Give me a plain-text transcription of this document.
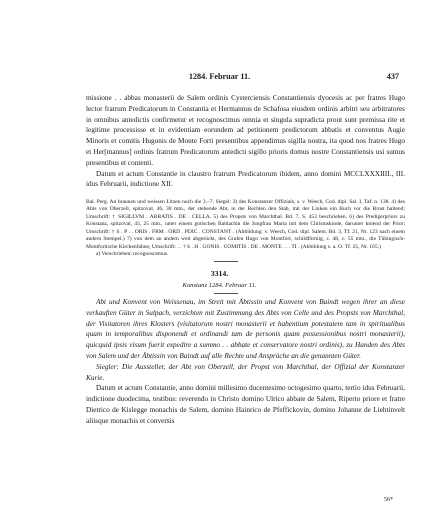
1284. Februar 11.	437

missione . . abbas monasterii de Salem ordinis Cysterciensis Constantiensis dyocesis ac per fratres Hugo lector fratrum Predicatorum in Constantia et Hermannus de Schafosa eiusdem ordinis arbitri seu arbitratores in omnibus antedictis confirmetur et recognoscimus omnia et singula supradicta prout sunt premissa rite et legitime processisse et in evidentiam eorundem ad petitionem predictorum abbatis et conventus Augie Minoris et comitis Hugonis de Monte Forti presentibus appendimus sigilla nostra, ita quod nos fratres Hugo et Her[mannus] ordinis fratrum Predicatorum antedicti sigillo prioris domus nostre Constantiensis usi sumus presentibus et contenti.

Datum et actum Constantie in claustro fratrum Predicatorum ibidem, anno domini MCCLXXXIIII., III. idus Februarii, indictione XII.

Bal. Perg. An braunen und weissen Litzen noch die 3.–7. Siegel: 3) des Konstanzer Offizials, s. v. Weech, Cod. dipl. Sal. I, Taf. n. 138. 4) des Abts von Oberzell, spitzoval, 46, 30 mm., der stehende Abt, in der Rechten den Stab, mit der Linken ein Buch vor die Brust haltend; Umschrift: † SIGILLVM . ABBATIS . DE . CELLA. 5) des Propsts von Marchthal. Bd. 7, S. 453 beschrieben. 6) des Predigerpriors zu Konstanz, spitzoval, 43, 25 mm., unter einem gotischen Baldachin die Jungfrau Maria mit dem Christuskinde, darunter kniend der Prior; Umschrift: † S . P . . ORIS . FRM . ORD . PDIC . CONSTANT . (Abbildung: v. Weech, Cod. dipl. Salem. Bd. 3, Tf. 21, Nr. 123 nach einem andern Stempel.) 7) von dem an andern weit abgerückt, des Grafen Hugo von Montfort, schildförmig, c. 48, c. 55 mm., die Tübingisch-Montfortische Kirchenfahne; Umschrift: . . † S . H . GONIS . COMITIS . DE . MONTE . . . TI . (Abbildung s. a. O. Tf. 25, Nr. 165.)

a) Verschrieben: recognoscemus.

3314.
Konstanz 1284. Februar 11.

Abt und Konvent von Weissenau, im Streit mit Äbtissin und Konvent von Baindt wegen ihrer an diese verkauften Güter in Sulpach, verzichten mit Zustimmung des Abts von Celle und des Propsts von Marchthal, der Visitatoren ihres Klosters (visitatorum nostri monasterii et habentium potestatem tam in spiritualibus quam in temporalibus disponendi et ordinandi tam de personis quam possessionibus nostri monasterii), quicquid ipsis visum fuerit expedire a summo . . abbate et conservatore nostri ordinis), zu Handen des Abts von Salem und der Äbtissin von Baindt auf alle Rechte und Ansprüche an die genannten Güter.

Siegler: Die Aussteller, der Abt von Oberzell, der Propst von Marchthal, der Offizial der Konstanzer Kurie.

Datum et actum Constantie, anno domini millesimo ducentesimo octogesimo quarto, tertio idus Februarii, indictione duodecima, testibus: reverendo in Christo domino Ulrico abbate de Salem, Riperto priore et fratre Dietrico de Kislegge monachis de Salem, domino Hainrico de Pfeffickovin, domino Johanne de Liehtinvelt aliisque monachis et conversis

56*
